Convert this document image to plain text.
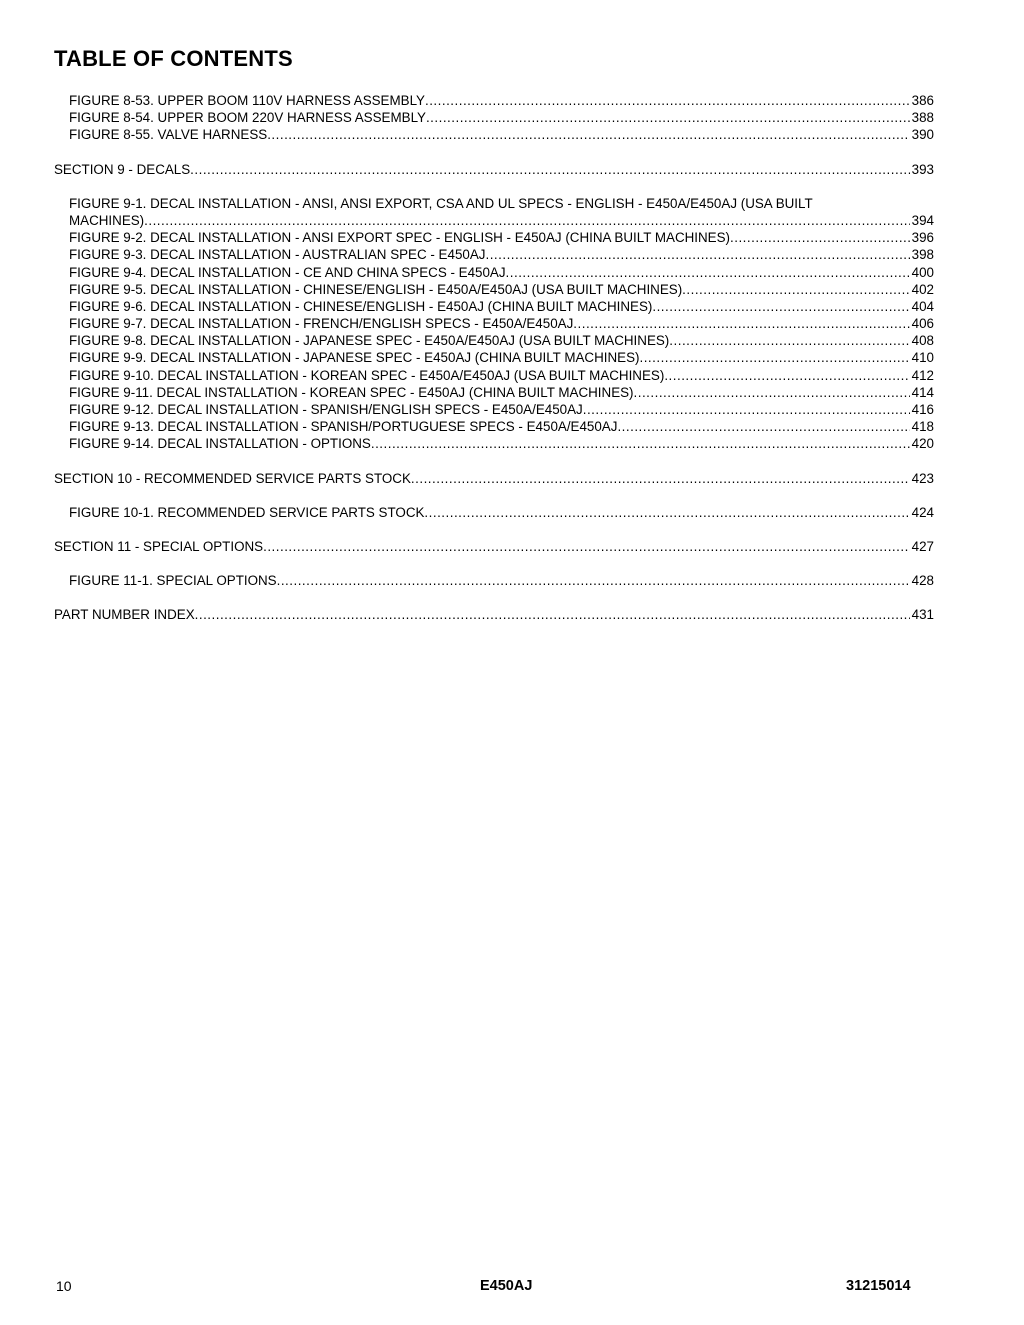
TABLE OF CONTENTS
FIGURE 8-53. UPPER BOOM 110V HARNESS ASSEMBLY .....	386
FIGURE 8-54. UPPER BOOM 220V HARNESS ASSEMBLY .....	388
FIGURE 8-55. VALVE HARNESS .....	390
SECTION 9 - DECALS .....	393
FIGURE 9-1. DECAL INSTALLATION - ANSI, ANSI EXPORT, CSA AND UL SPECS - ENGLISH - E450A/E450AJ (USA BUILT
MACHINES) .....	394
FIGURE 9-2. DECAL INSTALLATION - ANSI EXPORT SPEC - ENGLISH - E450AJ (CHINA BUILT MACHINES) .....	396
FIGURE 9-3. DECAL INSTALLATION - AUSTRALIAN SPEC - E450AJ .....	398
FIGURE 9-4. DECAL INSTALLATION - CE AND CHINA SPECS - E450AJ .....	400
FIGURE 9-5. DECAL INSTALLATION - CHINESE/ENGLISH - E450A/E450AJ (USA BUILT MACHINES) .....	402
FIGURE 9-6. DECAL INSTALLATION - CHINESE/ENGLISH - E450AJ (CHINA BUILT MACHINES) .....	404
FIGURE 9-7. DECAL INSTALLATION - FRENCH/ENGLISH SPECS - E450A/E450AJ .....	406
FIGURE 9-8. DECAL INSTALLATION - JAPANESE SPEC - E450A/E450AJ (USA BUILT MACHINES) .....	408
FIGURE 9-9. DECAL INSTALLATION - JAPANESE SPEC - E450AJ (CHINA BUILT MACHINES) .....	410
FIGURE 9-10. DECAL INSTALLATION - KOREAN SPEC - E450A/E450AJ (USA BUILT MACHINES) .....	412
FIGURE 9-11. DECAL INSTALLATION - KOREAN SPEC - E450AJ (CHINA BUILT MACHINES) .....	414
FIGURE 9-12. DECAL INSTALLATION - SPANISH/ENGLISH SPECS - E450A/E450AJ .....	416
FIGURE 9-13. DECAL INSTALLATION - SPANISH/PORTUGUESE SPECS - E450A/E450AJ .....	418
FIGURE 9-14. DECAL INSTALLATION - OPTIONS .....	420
SECTION 10 - RECOMMENDED SERVICE PARTS STOCK .....	423
FIGURE 10-1. RECOMMENDED SERVICE PARTS STOCK .....	424
SECTION 11 - SPECIAL OPTIONS .....	427
FIGURE 11-1. SPECIAL OPTIONS .....	428
PART NUMBER INDEX .....	431
10	E450AJ	31215014
